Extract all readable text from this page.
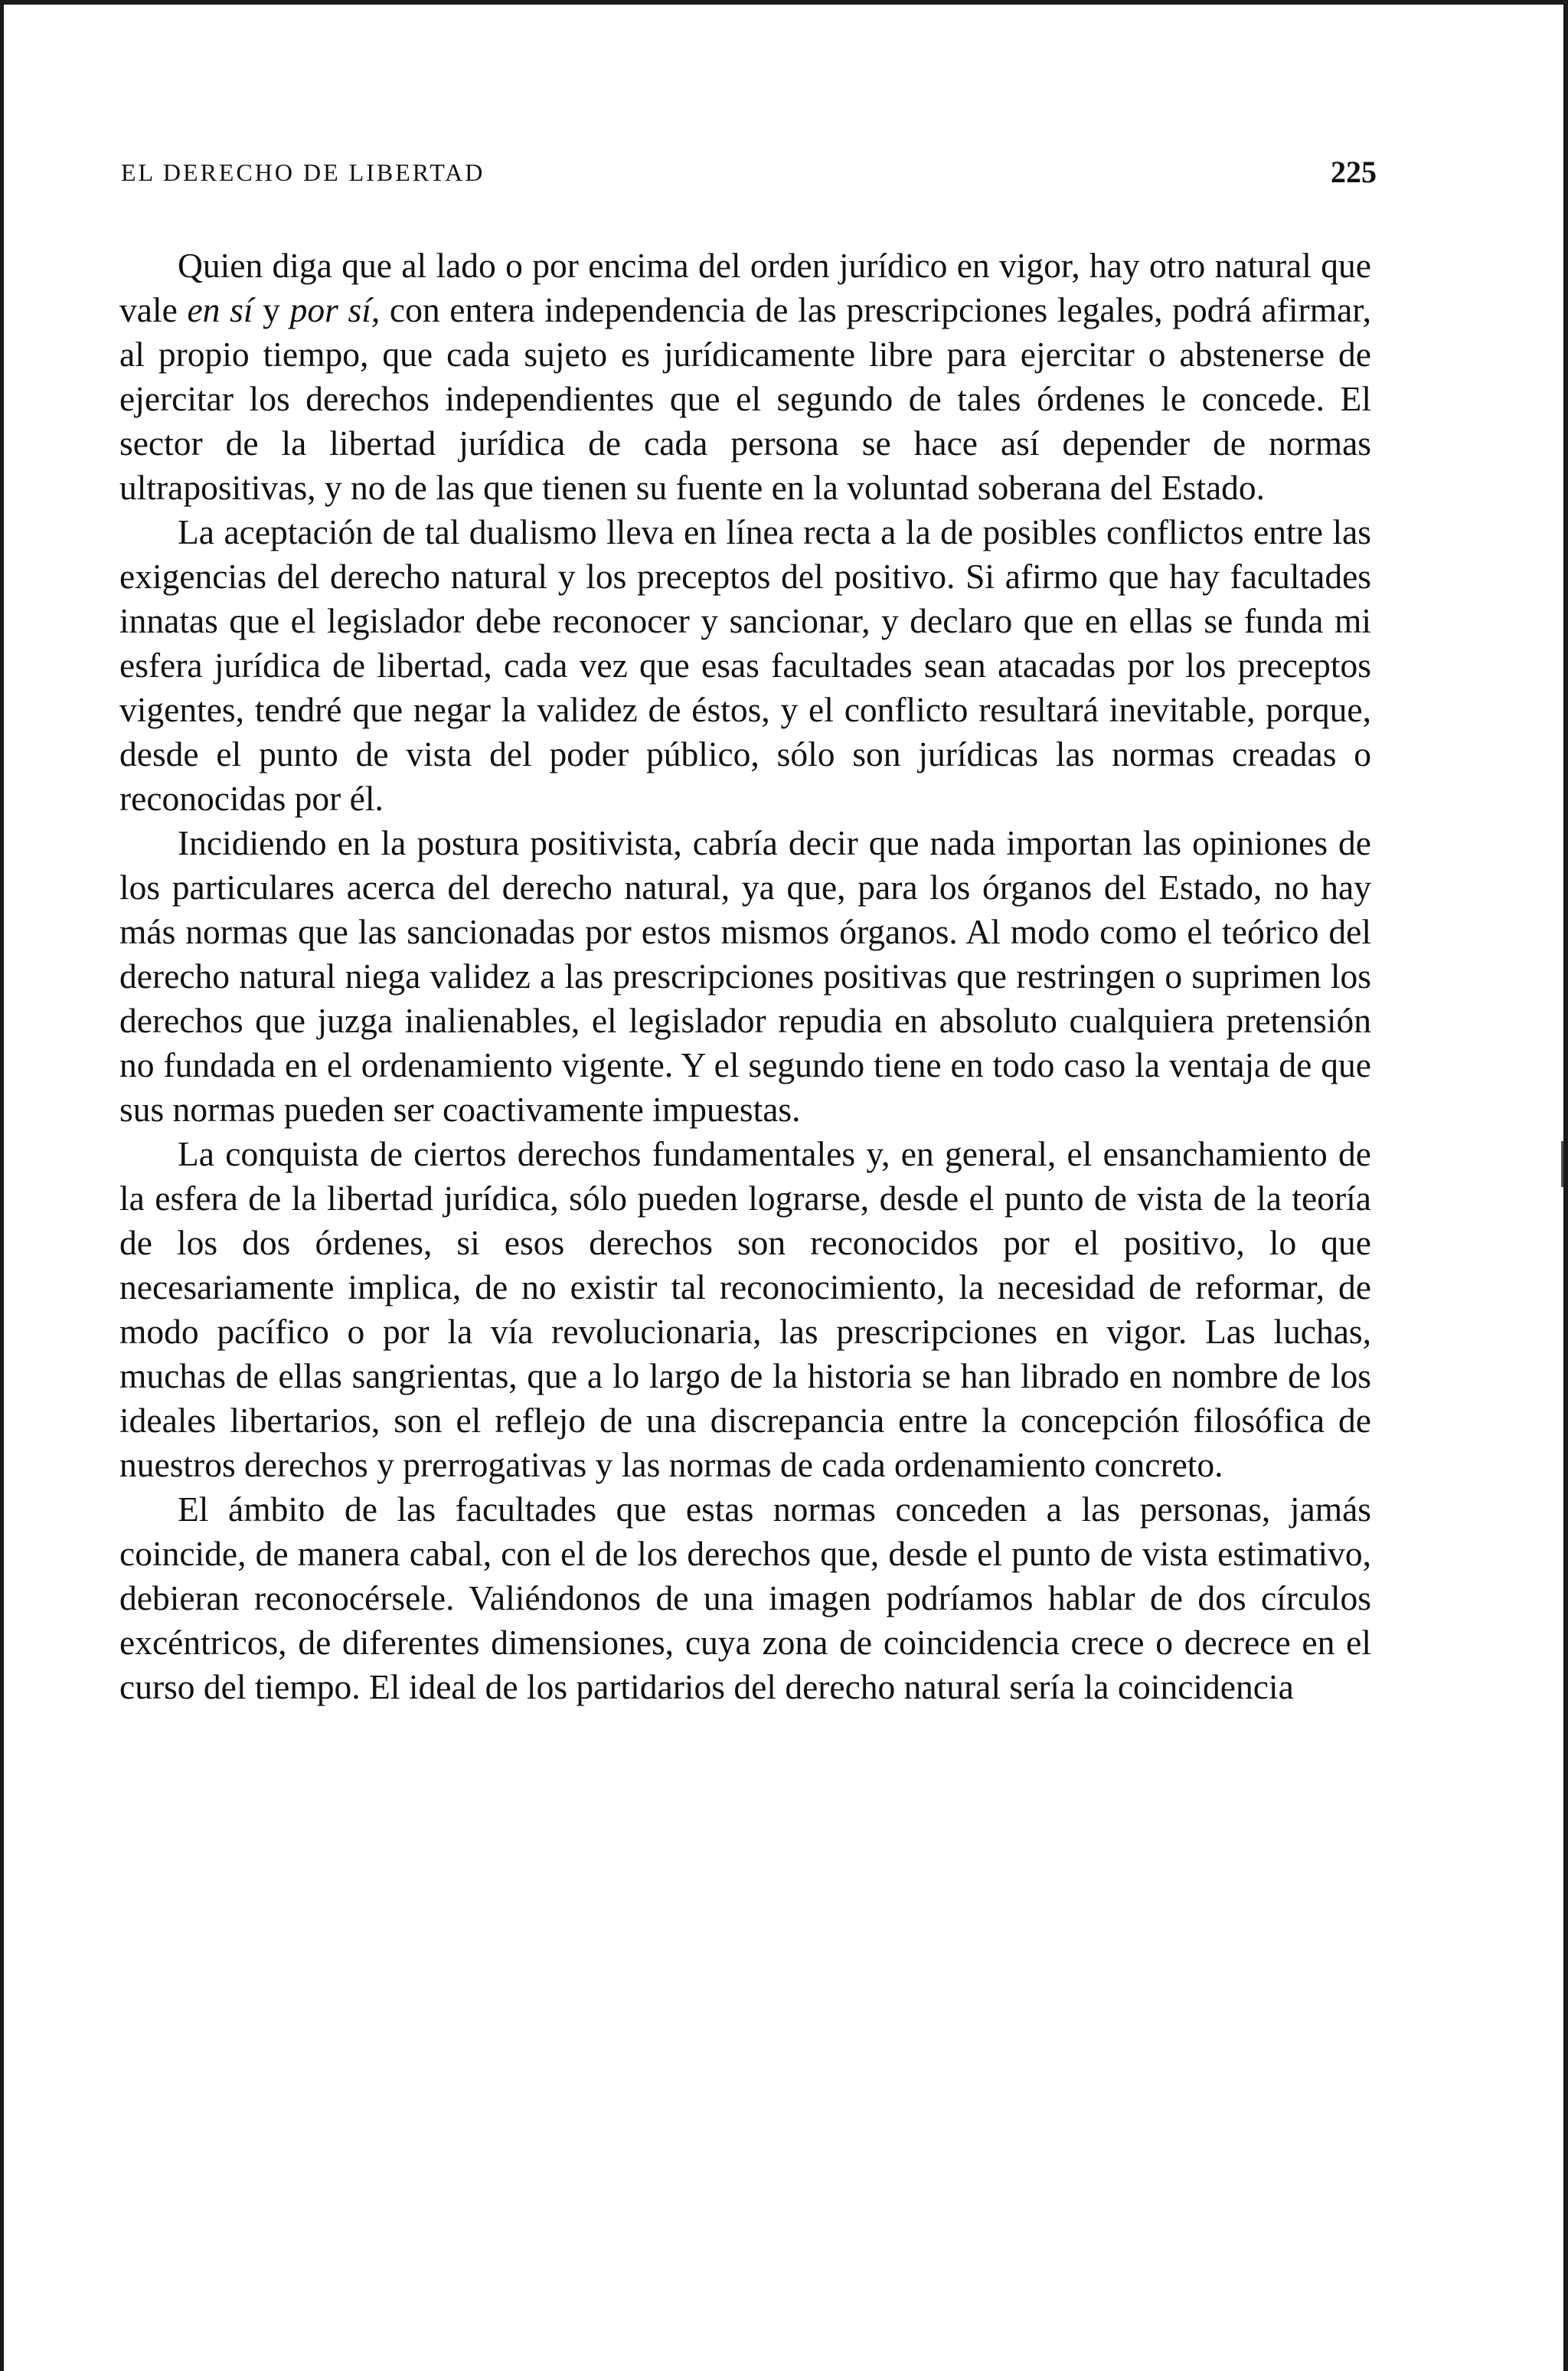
EL DERECHO DE LIBERTAD	225

Quien diga que al lado o por encima del orden jurídico en vigor, hay otro natural que vale en sí y por sí, con entera independencia de las prescripciones legales, podrá afirmar, al propio tiempo, que cada sujeto es jurídicamente libre para ejercitar o abstenerse de ejercitar los derechos independientes que el segundo de tales órdenes le concede. El sector de la libertad jurídica de cada persona se hace así depender de normas ultrapositivas, y no de las que tienen su fuente en la voluntad soberana del Estado.

La aceptación de tal dualismo lleva en línea recta a la de posibles conflictos entre las exigencias del derecho natural y los preceptos del positivo. Si afirmo que hay facultades innatas que el legislador debe reconocer y sancionar, y declaro que en ellas se funda mi esfera jurídica de libertad, cada vez que esas facultades sean atacadas por los preceptos vigentes, tendré que negar la validez de éstos, y el conflicto resultará inevitable, porque, desde el punto de vista del poder público, sólo son jurídicas las normas creadas o reconocidas por él.

Incidiendo en la postura positivista, cabría decir que nada importan las opiniones de los particulares acerca del derecho natural, ya que, para los órganos del Estado, no hay más normas que las sancionadas por estos mismos órganos. Al modo como el teórico del derecho natural niega validez a las prescripciones positivas que restringen o suprimen los derechos que juzga inalienables, el legislador repudia en absoluto cualquiera pretensión no fundada en el ordenamiento vigente. Y el segundo tiene en todo caso la ventaja de que sus normas pueden ser coactivamente impuestas.

La conquista de ciertos derechos fundamentales y, en general, el ensanchamiento de la esfera de la libertad jurídica, sólo pueden lograrse, desde el punto de vista de la teoría de los dos órdenes, si esos derechos son reconocidos por el positivo, lo que necesariamente implica, de no existir tal reconocimiento, la necesidad de reformar, de modo pacífico o por la vía revolucionaria, las prescripciones en vigor. Las luchas, muchas de ellas sangrientas, que a lo largo de la historia se han librado en nombre de los ideales libertarios, son el reflejo de una discrepancia entre la concepción filosófica de nuestros derechos y prerrogativas y las normas de cada ordenamiento concreto.

El ámbito de las facultades que estas normas conceden a las personas, jamás coincide, de manera cabal, con el de los derechos que, desde el punto de vista estimativo, debieran reconocérsele. Valiéndonos de una imagen podríamos hablar de dos círculos excéntricos, de diferentes dimensiones, cuya zona de coincidencia crece o decrece en el curso del tiempo. El ideal de los partidarios del derecho natural sería la coincidencia
